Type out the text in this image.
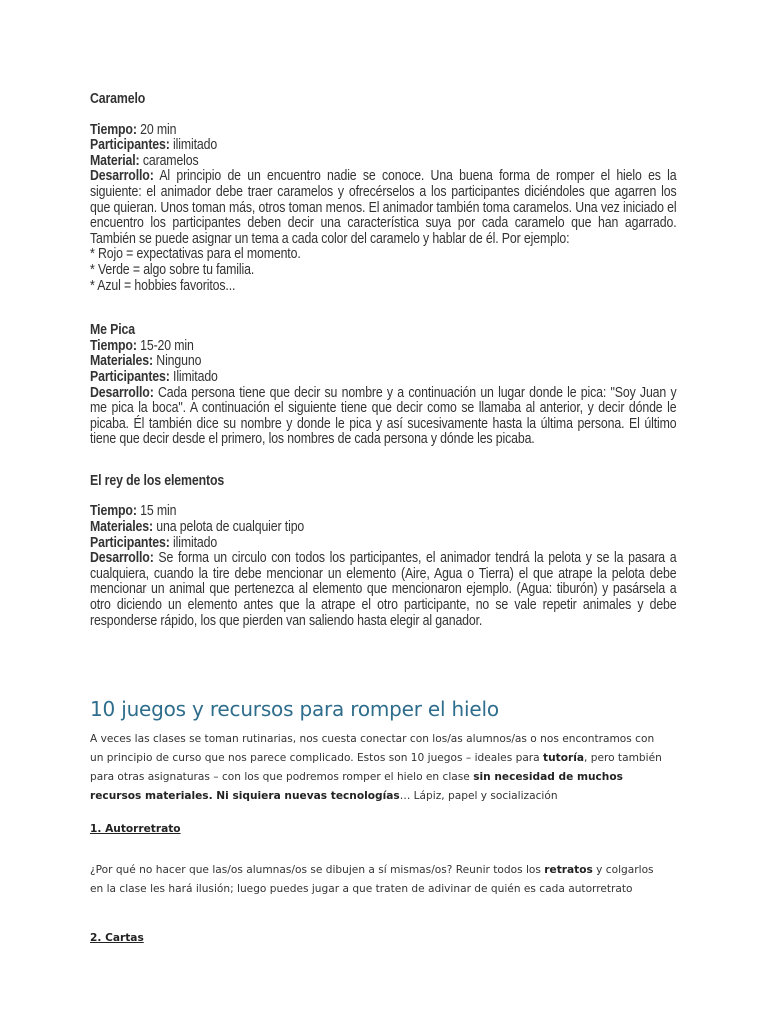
Caramelo

Tiempo: 20 min

Participantes: ilimitado

Material: caramelos

Desarrollo: Al principio de un encuentro nadie se conoce. Una buena forma de romper el hielo es la siguiente: el animador debe traer caramelos y ofrecérselos a los participantes diciéndoles que agarren los que quieran. Unos toman más, otros toman menos. El animador también toma caramelos. Una vez iniciado el encuentro los participantes deben decir una característica suya por cada caramelo que han agarrado. También se puede asignar un tema a cada color del caramelo y hablar de él. Por ejemplo:

* Rojo = expectativas para el momento.

* Verde = algo sobre tu familia.

* Azul = hobbies favoritos...

Me Pica

Tiempo: 15-20 min

Materiales: Ninguno

Participantes: Ilimitado

Desarrollo: Cada persona tiene que decir su nombre y a continuación un lugar donde le pica: "Soy Juan y me pica la boca". A continuación el siguiente tiene que decir como se llamaba al anterior, y decir dónde le picaba. Él también dice su nombre y donde le pica y así sucesivamente hasta la última persona. El último tiene que decir desde el primero, los nombres de cada persona y dónde les picaba.

El rey de los elementos

Tiempo: 15 min

Materiales: una pelota de cualquier tipo

Participantes: ilimitado

Desarrollo: Se forma un circulo con todos los participantes, el animador tendrá la pelota y se la pasara a cualquiera, cuando la tire debe mencionar un elemento (Aire, Agua o Tierra) el que atrape la pelota debe mencionar un animal que pertenezca al elemento que mencionaron ejemplo. (Agua: tiburón) y pasársela a otro diciendo un elemento antes que la atrape el otro participante, no se vale repetir animales y debe responderse rápido, los que pierden van saliendo hasta elegir al ganador.

10 juegos y recursos para romper el hielo

A veces las clases se toman rutinarias, nos cuesta conectar con los/as alumnos/as o nos encontramos con un principio de curso que nos parece complicado. Estos son 10 juegos – ideales para tutoría, pero también para otras asignaturas – con los que podremos romper el hielo en clase sin necesidad de muchos recursos materiales. Ni siquiera nuevas tecnologías… Lápiz, papel y socialización

1. Autorretrato

¿Por qué no hacer que las/os alumnas/os se dibujen a sí mismas/os? Reunir todos los retratos y colgarlos en la clase les hará ilusión; luego puedes jugar a que traten de adivinar de quién es cada autorretrato

2. Cartas
